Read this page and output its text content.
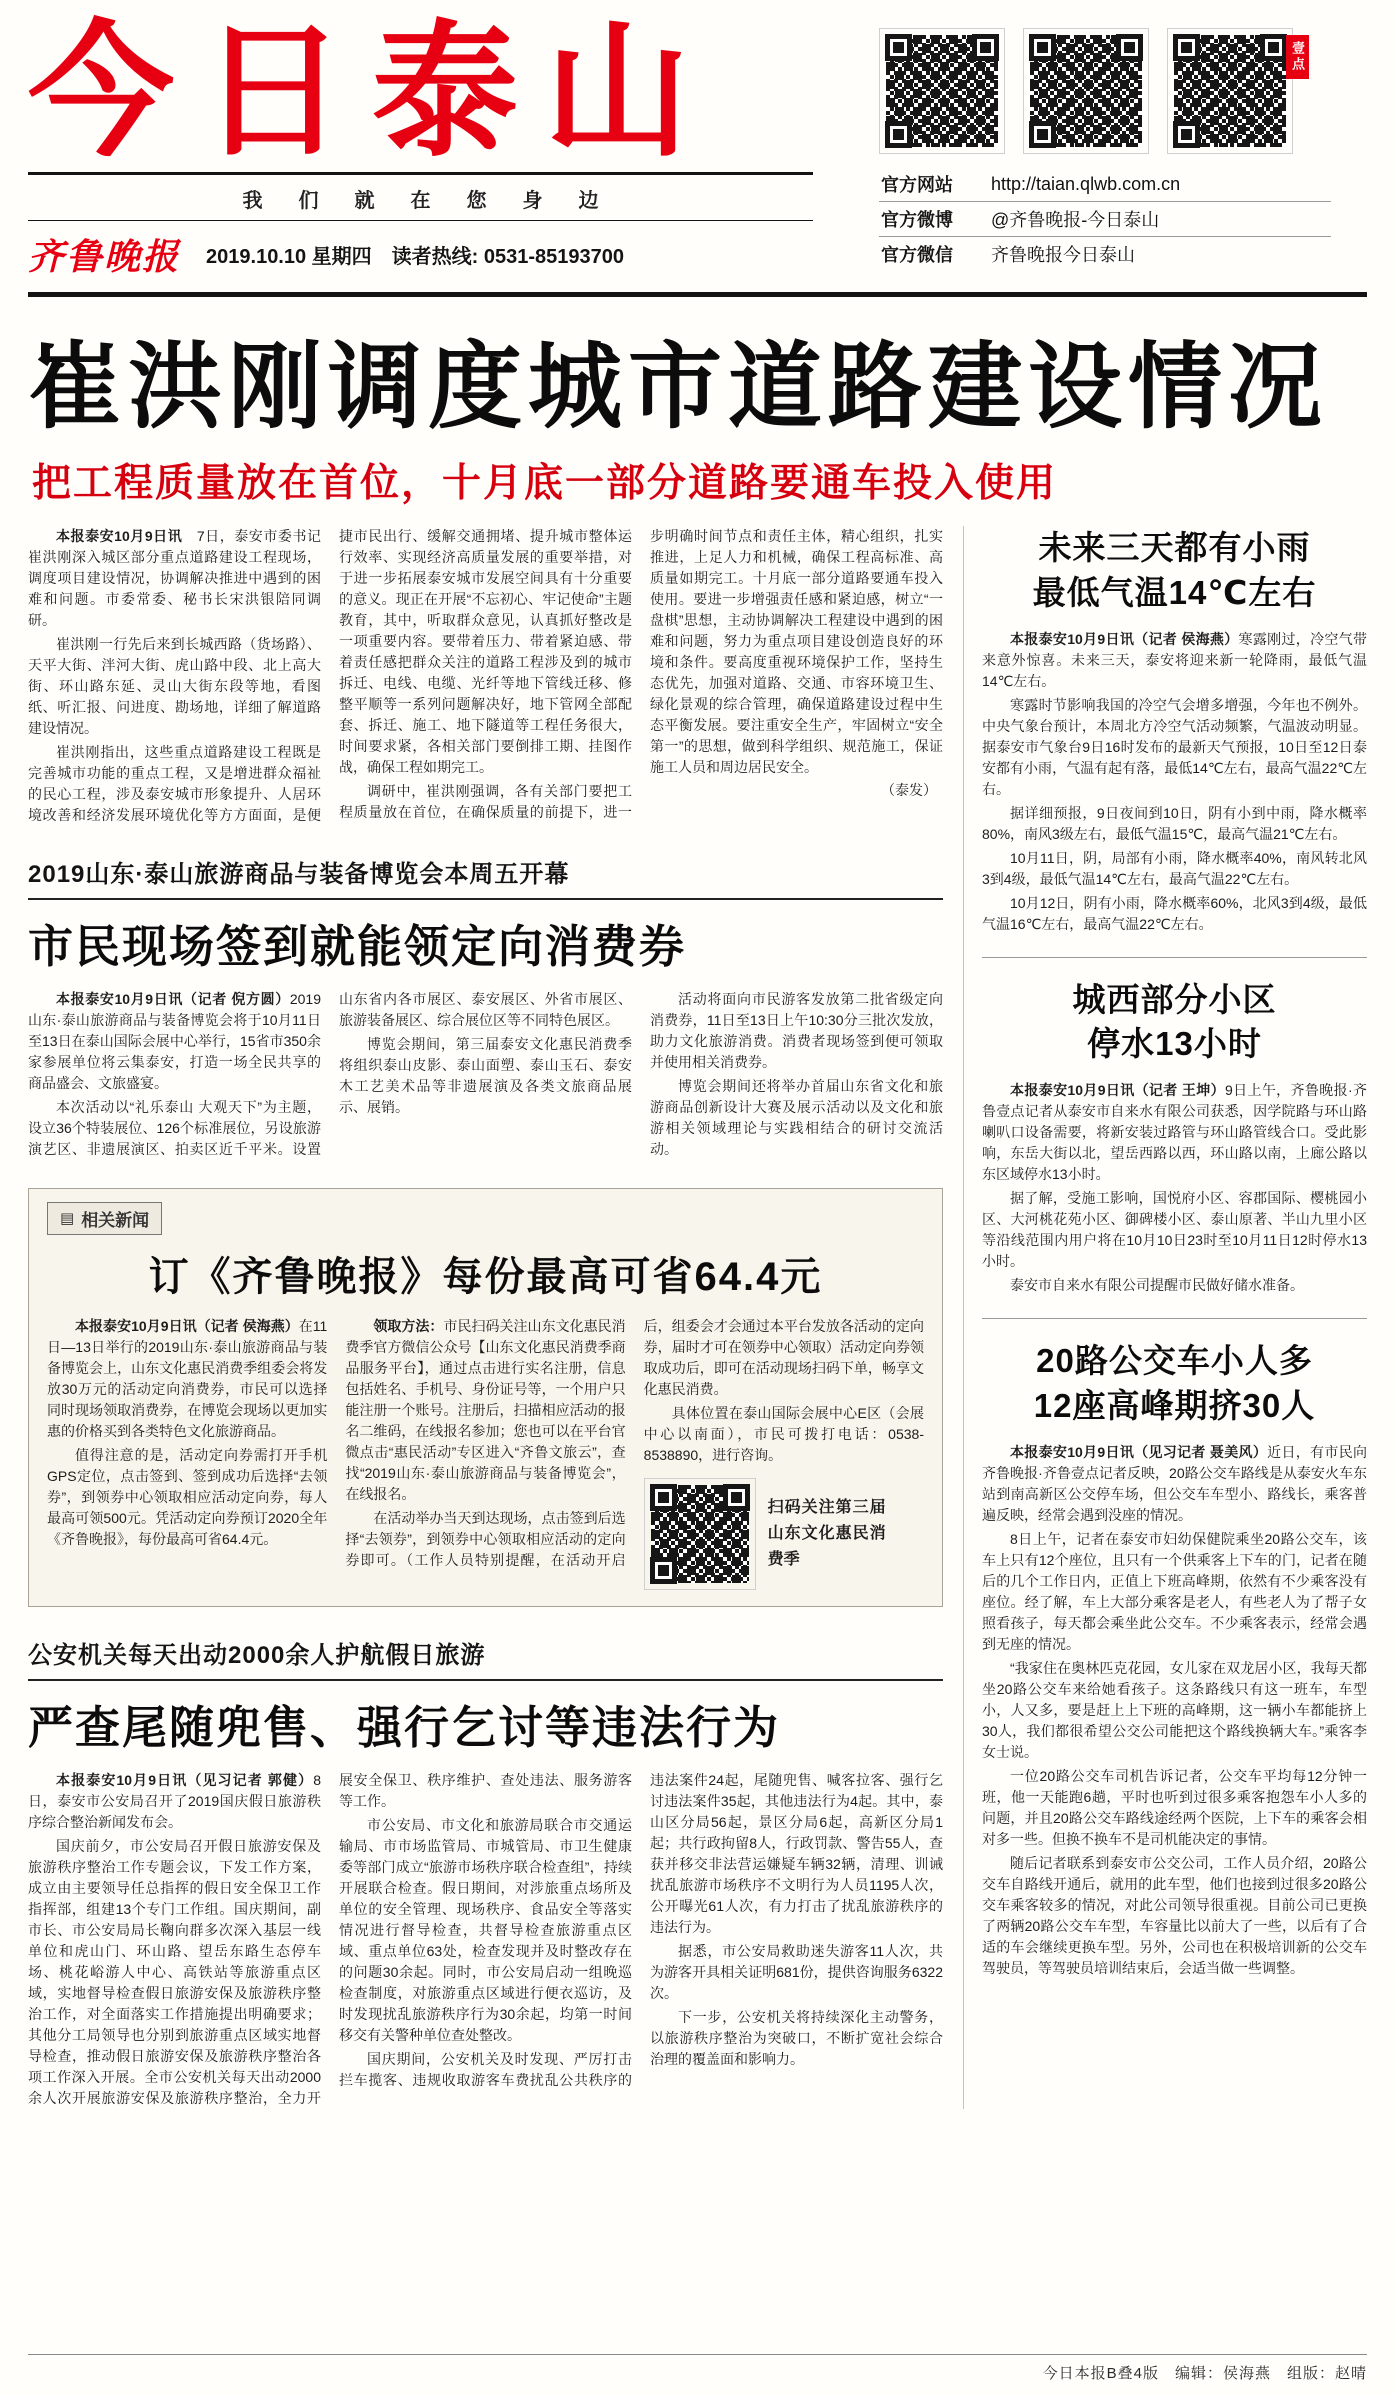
今日泰山
我们就在您身边
齐鲁晚报 2019.10.10 星期四　读者热线: 0531-85193700
壹点
官方网站	http://taian.qlwb.com.cn
官方微博	@齐鲁晚报-今日泰山
官方微信	齐鲁晚报今日泰山
崔洪刚调度城市道路建设情况
把工程质量放在首位，十月底一部分道路要通车投入使用

本报泰安10月9日讯　7日，泰安市委书记崔洪刚深入城区部分重点道路建设工程现场，调度项目建设情况，协调解决推进中遇到的困难和问题。市委常委、秘书长宋洪银陪同调研。

崔洪刚一行先后来到长城西路（货场路）、天平大街、泮河大街、虎山路中段、北上高大街、环山路东延、灵山大街东段等地，看图纸、听汇报、问进度、勘场地，详细了解道路建设情况。

崔洪刚指出，这些重点道路建设工程既是完善城市功能的重点工程，又是增进群众福祉的民心工程，涉及泰安城市形象提升、人居环境改善和经济发展环境优化等方方面面，是便捷市民出行、缓解交通拥堵、提升城市整体运行效率、实现经济高质量发展的重要举措，对于进一步拓展泰安城市发展空间具有十分重要的意义。现正在开展“不忘初心、牢记使命”主题教育，其中，听取群众意见，认真抓好整改是一项重要内容。要带着压力、带着紧迫感、带着责任感把群众关注的道路工程涉及到的城市拆迁、电线、电缆、光纤等地下管线迁移、修整平顺等一系列问题解决好，地下管网全部配套、拆迁、施工、地下隧道等工程任务很大，时间要求紧，各相关部门要倒排工期、挂图作战，确保工程如期完工。

调研中，崔洪刚强调，各有关部门要把工程质量放在首位，在确保质量的前提下，进一步明确时间节点和责任主体，精心组织，扎实推进，上足人力和机械，确保工程高标准、高质量如期完工。十月底一部分道路要通车投入使用。要进一步增强责任感和紧迫感，树立“一盘棋”思想，主动协调解决工程建设中遇到的困难和问题，努力为重点项目建设创造良好的环境和条件。要高度重视环境保护工作，坚持生态优先，加强对道路、交通、市容环境卫生、绿化景观的综合管理，确保道路建设过程中生态平衡发展。要注重安全生产，牢固树立“安全第一”的思想，做到科学组织、规范施工，保证施工人员和周边居民安全。

（泰发）

2019山东·泰山旅游商品与装备博览会本周五开幕
市民现场签到就能领定向消费券

本报泰安10月9日讯（记者 倪方圆）2019山东·泰山旅游商品与装备博览会将于10月11日至13日在泰山国际会展中心举行，15省市350余家参展单位将云集泰安，打造一场全民共享的商品盛会、文旅盛宴。

本次活动以“礼乐泰山 大观天下”为主题，设立36个特装展位、126个标准展位，另设旅游演艺区、非遗展演区、拍卖区近千平米。设置山东省内各市展区、泰安展区、外省市展区、旅游装备展区、综合展位区等不同特色展区。

博览会期间，第三届泰安文化惠民消费季将组织泰山皮影、泰山面塑、泰山玉石、泰安木工艺美术品等非遗展演及各类文旅商品展示、展销。

活动将面向市民游客发放第二批省级定向消费券，11日至13日上午10:30分三批次发放，助力文化旅游消费。消费者现场签到便可领取并使用相关消费券。

博览会期间还将举办首届山东省文化和旅游商品创新设计大赛及展示活动以及文化和旅游相关领域理论与实践相结合的研讨交流活动。

▤ 相关新闻
订《齐鲁晚报》每份最高可省64.4元

本报泰安10月9日讯（记者 侯海燕）在11日—13日举行的2019山东·泰山旅游商品与装备博览会上，山东文化惠民消费季组委会将发放30万元的活动定向消费券，市民可以选择同时现场领取消费券，在博览会现场以更加实惠的价格买到各类特色文化旅游商品。

值得注意的是，活动定向券需打开手机GPS定位，点击签到、签到成功后选择“去领券”，到领券中心领取相应活动定向券，每人最高可领500元。凭活动定向券预订2020全年《齐鲁晚报》，每份最高可省64.4元。

领取方法：市民扫码关注山东文化惠民消费季官方微信公众号【山东文化惠民消费季商品服务平台】，通过点击进行实名注册，信息包括姓名、手机号、身份证号等，一个用户只能注册一个账号。注册后，扫描相应活动的报名二维码，在线报名参加；您也可以在平台官微点击“惠民活动”专区进入“齐鲁文旅云”，查找“2019山东·泰山旅游商品与装备博览会”，在线报名。

在活动举办当天到达现场，点击签到后选择“去领券”，到领券中心领取相应活动的定向券即可。（工作人员特别提醒，在活动开启后，组委会才会通过本平台发放各活动的定向券，届时才可在领券中心领取）活动定向券领取成功后，即可在活动现场扫码下单，畅享文化惠民消费。

具体位置在泰山国际会展中心E区（会展中心以南面），市民可拨打电话：0538-8538890，进行咨询。

扫码关注第三届山东文化惠民消费季
公安机关每天出动2000余人护航假日旅游
严查尾随兜售、强行乞讨等违法行为

本报泰安10月9日讯（见习记者 郭健）8日，泰安市公安局召开了2019国庆假日旅游秩序综合整治新闻发布会。

国庆前夕，市公安局召开假日旅游安保及旅游秩序整治工作专题会议，下发工作方案，成立由主要领导任总指挥的假日安全保卫工作指挥部，组建13个专门工作组。国庆期间，副市长、市公安局局长鞠向群多次深入基层一线单位和虎山门、环山路、望岳东路生态停车场、桃花峪游人中心、高铁站等旅游重点区域，实地督导检查假日旅游安保及旅游秩序整治工作，对全面落实工作措施提出明确要求；其他分工局领导也分别到旅游重点区域实地督导检查，推动假日旅游安保及旅游秩序整治各项工作深入开展。全市公安机关每天出动2000余人次开展旅游安保及旅游秩序整治，全力开展安全保卫、秩序维护、查处违法、服务游客等工作。

市公安局、市文化和旅游局联合市交通运输局、市市场监管局、市城管局、市卫生健康委等部门成立“旅游市场秩序联合检查组”，持续开展联合检查。假日期间，对涉旅重点场所及单位的安全管理、现场秩序、食品安全等落实情况进行督导检查，共督导检查旅游重点区域、重点单位63处，检查发现并及时整改存在的问题30余起。同时，市公安局启动一组晚巡检查制度，对旅游重点区域进行便衣巡访，及时发现扰乱旅游秩序行为30余起，均第一时间移交有关警种单位查处整改。

国庆期间，公安机关及时发现、严厉打击拦车揽客、违规收取游客车费扰乱公共秩序的违法案件24起，尾随兜售、喊客拉客、强行乞讨违法案件35起，其他违法行为4起。其中，泰山区分局56起，景区分局6起，高新区分局1起；共行政拘留8人，行政罚款、警告55人，查获并移交非法营运嫌疑车辆32辆，清理、训诫扰乱旅游市场秩序不文明行为人员1195人次，公开曝光61人次，有力打击了扰乱旅游秩序的违法行为。

据悉，市公安局救助迷失游客11人次，共为游客开具相关证明681份，提供咨询服务6322次。

下一步，公安机关将持续深化主动警务，以旅游秩序整治为突破口，不断扩宽社会综合治理的覆盖面和影响力。

未来三天都有小雨
最低气温14℃左右

本报泰安10月9日讯（记者 侯海燕）寒露刚过，冷空气带来意外惊喜。未来三天，泰安将迎来新一轮降雨，最低气温14℃左右。

寒露时节影响我国的冷空气会增多增强，今年也不例外。中央气象台预计，本周北方冷空气活动频繁，气温波动明显。据泰安市气象台9日16时发布的最新天气预报，10日至12日泰安都有小雨，气温有起有落，最低14℃左右，最高气温22℃左右。

据详细预报，9日夜间到10日，阴有小到中雨，降水概率80%，南风3级左右，最低气温15℃，最高气温21℃左右。

10月11日，阴，局部有小雨，降水概率40%，南风转北风3到4级，最低气温14℃左右，最高气温22℃左右。

10月12日，阴有小雨，降水概率60%，北风3到4级，最低气温16℃左右，最高气温22℃左右。

城西部分小区
停水13小时

本报泰安10月9日讯（记者 王坤）9日上午，齐鲁晚报·齐鲁壹点记者从泰安市自来水有限公司获悉，因学院路与环山路喇叭口设备需要，将新安装过路管与环山路管线合口。受此影响，东岳大街以北，望岳西路以西，环山路以南，上廊公路以东区域停水13小时。

据了解，受施工影响，国悦府小区、容郡国际、樱桃园小区、大河桃花苑小区、御碑楼小区、泰山原著、半山九里小区等沿线范围内用户将在10月10日23时至10月11日12时停水13小时。

泰安市自来水有限公司提醒市民做好储水准备。

20路公交车小人多
12座高峰期挤30人

本报泰安10月9日讯（见习记者 聂美风）近日，有市民向齐鲁晚报·齐鲁壹点记者反映，20路公交车路线是从泰安火车东站到南高新区公交停车场，但公交车车型小、路线长，乘客普遍反映，经常会遇到没座的情况。

8日上午，记者在泰安市妇幼保健院乘坐20路公交车，该车上只有12个座位，且只有一个供乘客上下车的门，记者在随后的几个工作日内，正值上下班高峰期，依然有不少乘客没有座位。经了解，车上大部分乘客是老人，有些老人为了帮子女照看孩子，每天都会乘坐此公交车。不少乘客表示，经常会遇到无座的情况。

“我家住在奥林匹克花园，女儿家在双龙居小区，我每天都坐20路公交车来给她看孩子。这条路线只有这一班车，车型小，人又多，要是赶上上下班的高峰期，这一辆小车都能挤上30人，我们都很希望公交公司能把这个路线换辆大车。”乘客李女士说。

一位20路公交车司机告诉记者，公交车平均每12分钟一班，他一天能跑6趟，平时也听到过很多乘客抱怨车小人多的问题，并且20路公交车路线途经两个医院，上下车的乘客会相对多一些。但换不换车不是司机能决定的事情。

随后记者联系到泰安市公交公司，工作人员介绍，20路公交车自路线开通后，就用的此车型，他们也接到过很多20路公交车乘客较多的情况，对此公司领导很重视。目前公司已更换了两辆20路公交车车型，车容量比以前大了一些，以后有了合适的车会继续更换车型。另外，公司也在积极培训新的公交车驾驶员，等驾驶员培训结束后，会适当做一些调整。

今日本报B叠4版　编辑：侯海燕　组版：赵晴
